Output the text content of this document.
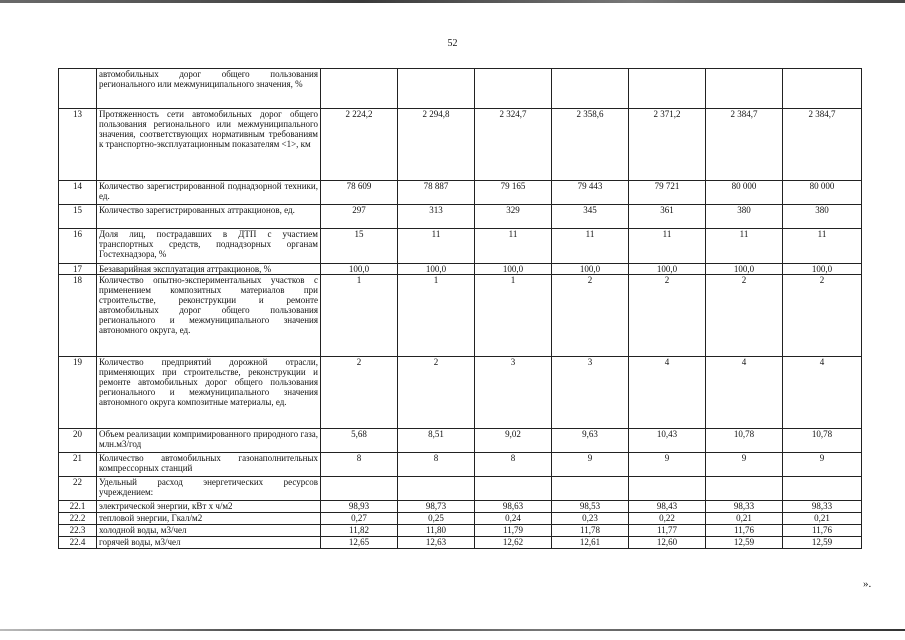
52
	автомобильных дорог общего пользования регионального или межмуниципального значения, %							
13	Протяженность сети автомобильных дорог общего пользования регионального или межмуниципального значения, соответствующих нормативным требованиям к транспортно-эксплуатационным показателям <1>, км	2 224,2	2 294,8	2 324,7	2 358,6	2 371,2	2 384,7	2 384,7
14	Количество зарегистрированной поднадзорной техники, ед.	78 609	78 887	79 165	79 443	79 721	80 000	80 000
15	Количество зарегистрированных аттракционов, ед.	297	313	329	345	361	380	380
16	Доля лиц, пострадавших в ДТП с участием транспортных средств, поднадзорных органам Гостехнадзора, %	15	11	11	11	11	11	11
17	Безаварийная эксплуатация аттракционов, %	100,0	100,0	100,0	100,0	100,0	100,0	100,0
18	Количество опытно-экспериментальных участков с применением композитных материалов при строительстве, реконструкции и ремонте автомобильных дорог общего пользования регионального и межмуниципального значения автономного округа, ед.	1	1	1	2	2	2	2
19	Количество предприятий дорожной отрасли, применяющих при строительстве, реконструкции и ремонте автомобильных дорог общего пользования регионального и межмуниципального значения автономного округа композитные материалы, ед.	2	2	3	3	4	4	4
20	Объем реализации компримированного природного газа, млн.м3/год	5,68	8,51	9,02	9,63	10,43	10,78	10,78
21	Количество автомобильных газонаполнительных компрессорных станций	8	8	8	9	9	9	9
22	Удельный расход энергетических ресурсов учреждением:							
22.1	электрической энергии, кВт х ч/м2	98,93	98,73	98,63	98,53	98,43	98,33	98,33
22.2	тепловой энергии, Гкал/м2	0,27	0,25	0,24	0,23	0,22	0,21	0,21
22.3	холодной воды, м3/чел	11,82	11,80	11,79	11,78	11,77	11,76	11,76
22.4	горячей воды, м3/чел	12,65	12,63	12,62	12,61	12,60	12,59	12,59
».
